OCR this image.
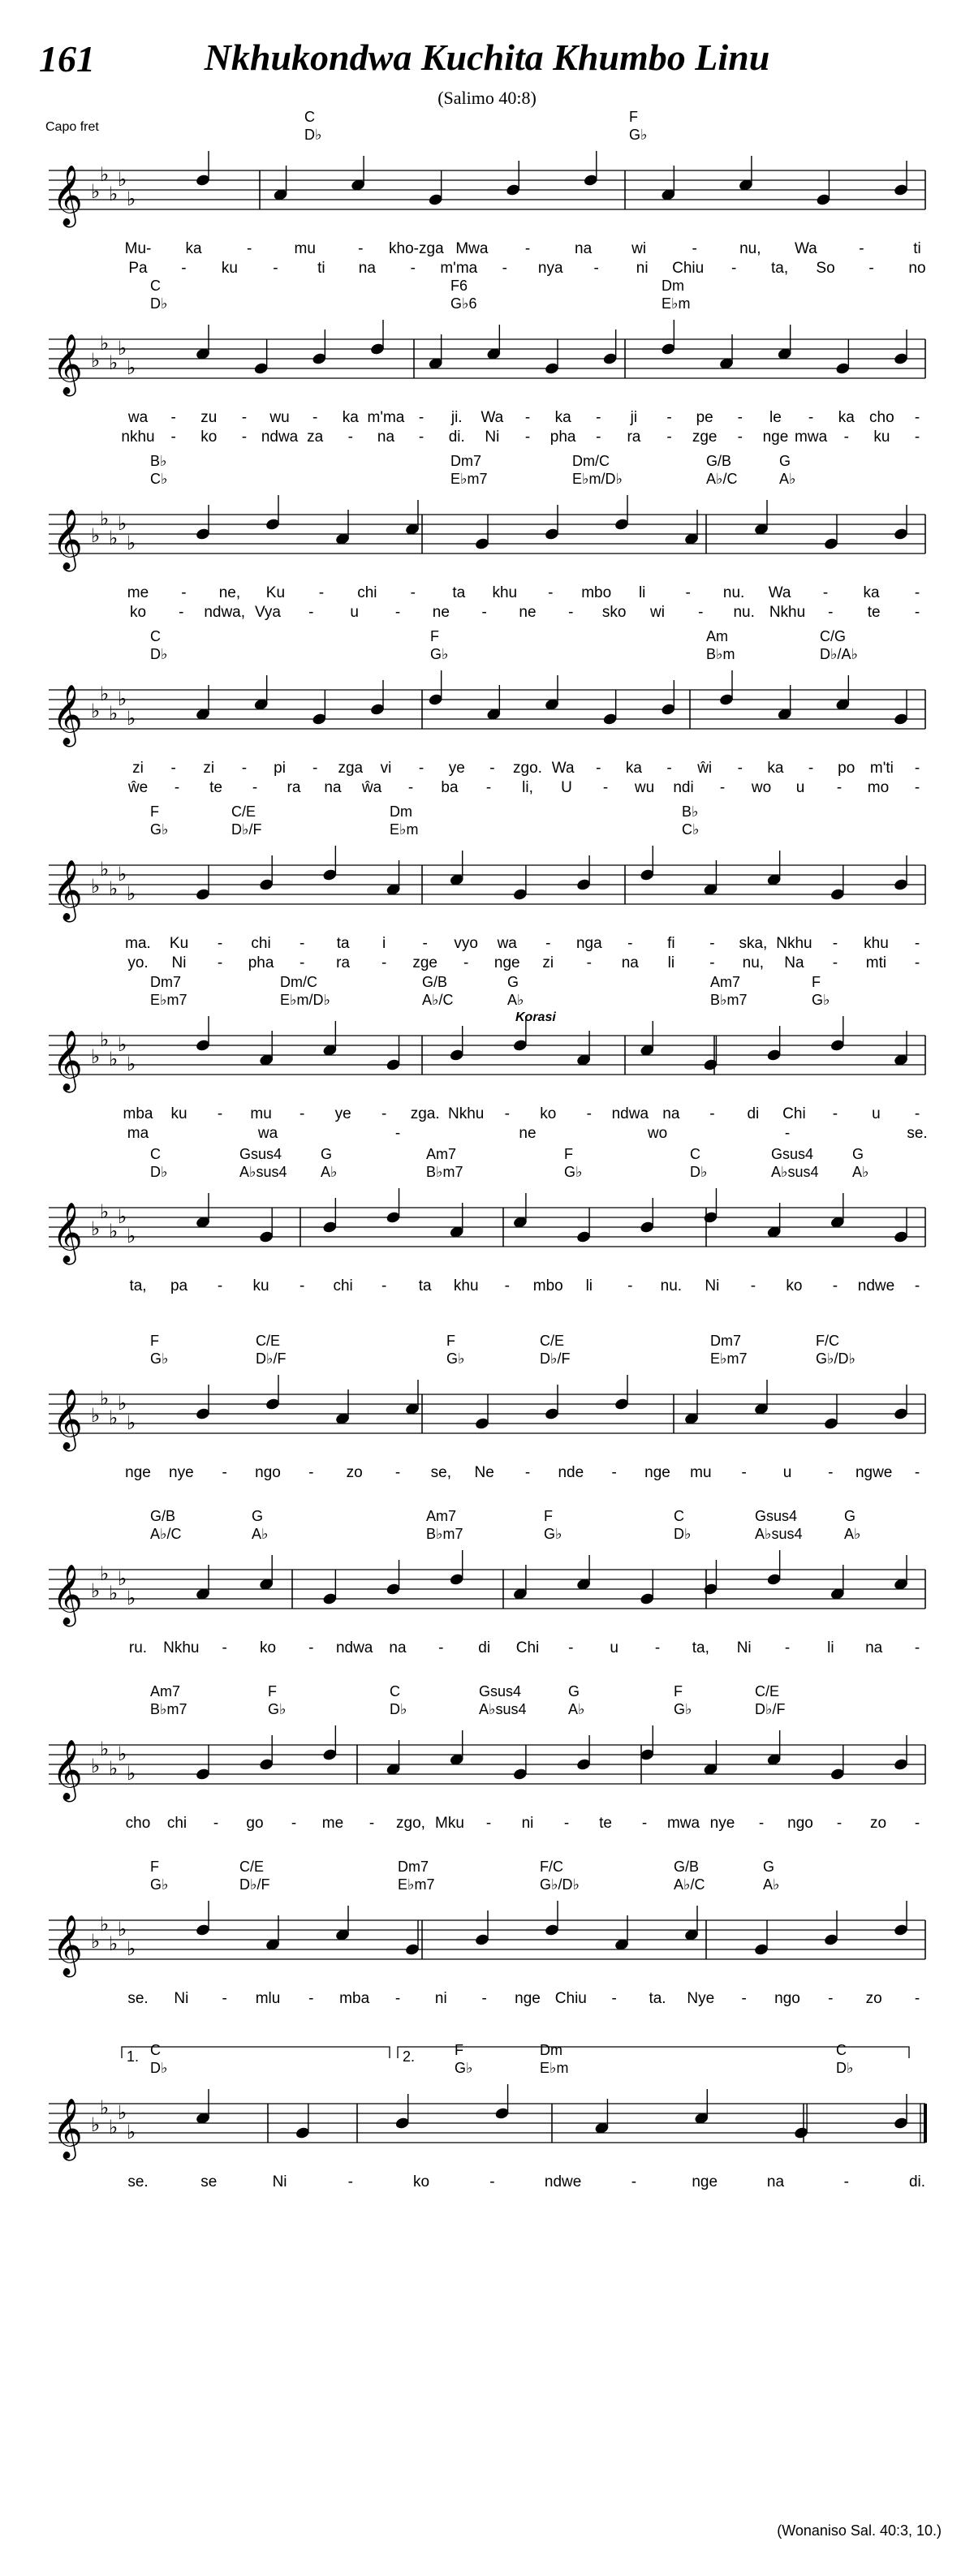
161	Nkhukondwa Kuchita Khumbo Linu
(Salimo 40:8)
Capo fret
𝄞 ♭
♭
♭
♭
♭
C	F
D♭	G♭
Mu- ka	-	mu	- kho-zga Mwa -	na	wi	-	nu, Wa	-	ti
Pa - ku -	ti na - m'ma - nya - ni Chiu - ta, So - no
𝄞 ♭
♭
♭
♭
♭
C	F6	Dm
D♭	G♭6	E♭m
wa - zu - wu - ka m'ma - ji. Wa - ka - ji - pe - le - ka cho -
nkhu - ko - ndwa za - na - di. Ni - pha - ra - zge - nge mwa - ku -
𝄞 ♭
♭
♭
♭
♭
B♭	Dm7	Dm/C	G/B	G
C♭	E♭m7	E♭m/D♭	A♭/C	A♭
me - ne, Ku - chi - ta khu - mbo li	- nu. Wa - ka -
ko - ndwa, Vya - u - ne - ne - sko wi - nu. Nkhu - te -
𝄞 ♭
♭
♭
♭
♭
C	F	Am	C/G
D♭	G♭	B♭m	D♭/A♭
zi - zi - pi - zga vi - ye - zgo. Wa - ka - ŵi - ka - po m'ti -
ŵe - te - ra na ŵa - ba - li, U - wu ndi - wo u - mo -
𝄞 ♭
♭
♭
♭
♭
F	C/E	Dm	B♭
G♭	D♭/F	E♭m	C♭
ma. Ku - chi - ta i - vyo wa - nga - fi - ska, Nkhu - khu -
yo. Ni - pha - ra - zge - nge zi - na li - nu, Na - mti -
𝄞 ♭
♭
♭
♭
♭
Dm7	Dm/C	G/B	G	Am7	F
E♭m7	E♭m/D♭	A♭/C	A♭	B♭m7	G♭
Korasi
mba ku - mu - ye - zga. Nkhu - ko - ndwa na - di Chi - u -
ma	wa	-	ne	wo	-	se.
𝄞 ♭
♭
♭
♭
♭
C	Gsus4	G	Am7	F	C	Gsus4	G
D♭	A♭sus4 A♭	B♭m7	G♭	D♭	A♭sus4 A♭
ta, pa - ku - chi - ta khu - mbo li - nu. Ni - ko - ndwe -
𝄞 ♭
♭
♭
♭
♭
F	C/E	F	C/E	Dm7	F/C
G♭	D♭/F	G♭	D♭/F	E♭m7	G♭/D♭
nge nye - ngo - zo - se, Ne - nde - nge mu - u - ngwe -
𝄞 ♭
♭
♭
♭
♭
G/B	G	Am7	F	C	Gsus4	G
A♭/C	A♭	B♭m7	G♭	D♭	A♭sus4	A♭
ru. Nkhu - ko - ndwa na - di Chi - u - ta, Ni - li na -
𝄞 ♭
♭
♭
♭
♭
Am7	F	C	Gsus4	G	F	C/E
B♭m7	G♭	D♭	A♭sus4	A♭	G♭	D♭/F
cho chi - go - me - zgo, Mku - ni - te - mwa nye - ngo - zo -
𝄞 ♭
♭
♭
♭
♭
F	C/E	Dm7	F/C	G/B	G
G♭	D♭/F	E♭m7	G♭/D♭	A♭/C	A♭
se. Ni - mlu - mba - ni - nge Chiu - ta. Nye - ngo - zo -
𝄞 ♭
♭
♭
♭
♭
C	F	Dm	C
D♭	G♭	E♭m	D♭
1.	2.
se.	se	Ni	-	ko	-	ndwe	-	nge	na	-	di.
(Wonaniso Sal. 40:3, 10.)
